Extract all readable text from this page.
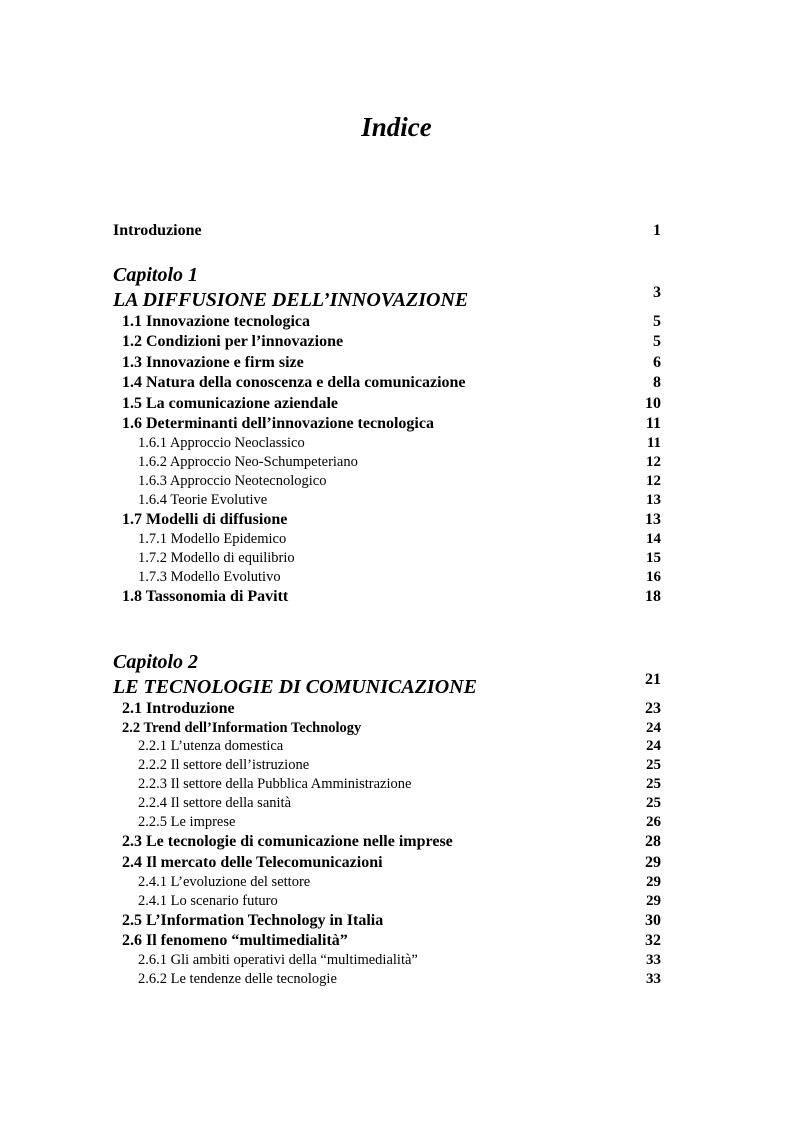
Indice
Introduzione	1
Capitolo 1
LA DIFFUSIONE DELL’INNOVAZIONE	3
1.1 Innovazione tecnologica	5
1.2 Condizioni per l’innovazione	5
1.3 Innovazione e firm size	6
1.4 Natura della conoscenza e della comunicazione	8
1.5 La comunicazione aziendale	10
1.6 Determinanti dell’innovazione tecnologica	11
1.6.1 Approccio Neoclassico	11
1.6.2 Approccio Neo-Schumpeteriano	12
1.6.3 Approccio Neotecnologico	12
1.6.4 Teorie Evolutive	13
1.7 Modelli di diffusione	13
1.7.1 Modello Epidemico	14
1.7.2 Modello di equilibrio	15
1.7.3 Modello Evolutivo	16
1.8 Tassonomia di Pavitt	18
Capitolo 2
LE TECNOLOGIE DI COMUNICAZIONE	21
2.1 Introduzione	23
2.2 Trend dell’Information Technology	24
2.2.1 L’utenza domestica	24
2.2.2 Il settore dell’istruzione	25
2.2.3 Il settore della Pubblica Amministrazione	25
2.2.4 Il settore della sanità	25
2.2.5 Le imprese	26
2.3 Le tecnologie di comunicazione nelle imprese	28
2.4 Il mercato delle Telecomunicazioni	29
2.4.1 L’evoluzione del settore	29
2.4.1 Lo scenario futuro	29
2.5 L’Information Technology in Italia	30
2.6 Il fenomeno “multimedialità”	32
2.6.1 Gli ambiti operativi della “multimedialità”	33
2.6.2 Le tendenze delle tecnologie	33
